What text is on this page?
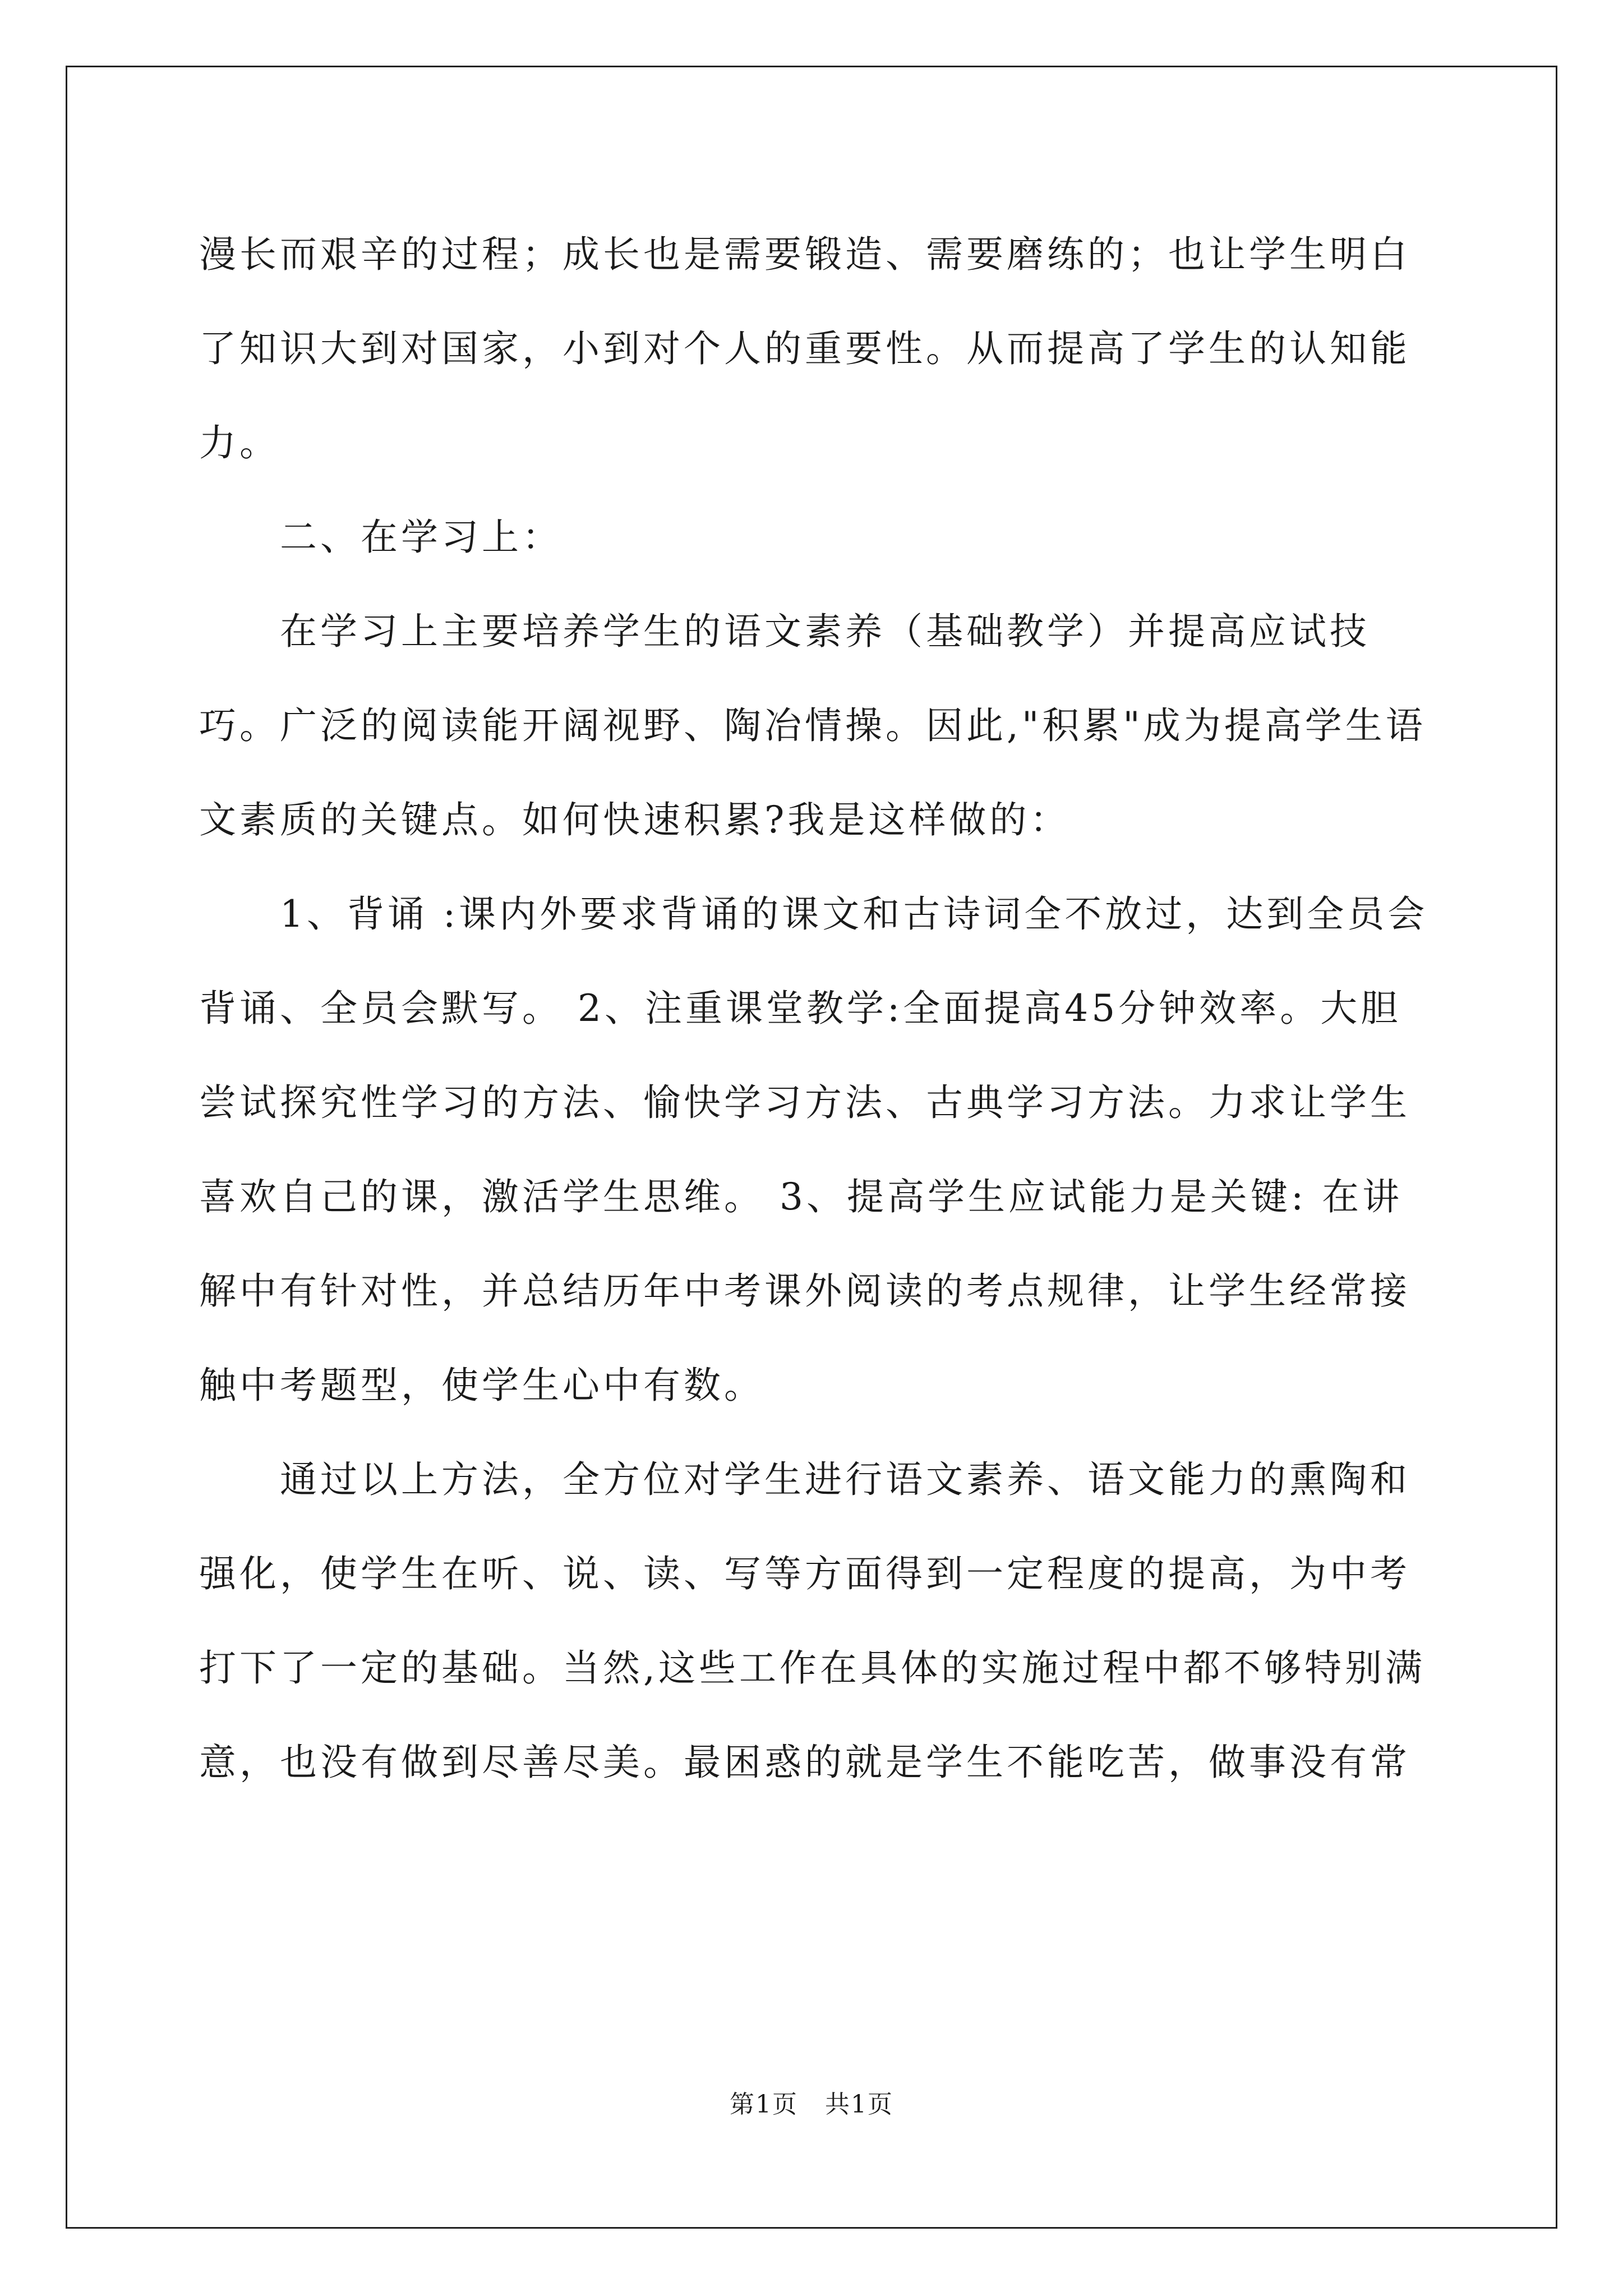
漫长而艰辛的过程；成长也是需要锻造、需要磨练的；也让学生明白了知识大到对国家，小到对个人的重要性。从而提高了学生的认知能力。

二、在学习上：

在学习上主要培养学生的语文素养（基础教学）并提高应试技巧。广泛的阅读能开阔视野、陶冶情操。因此,"积累"成为提高学生语文素质的关键点。如何快速积累?我是这样做的：

1、背诵 :课内外要求背诵的课文和古诗词全不放过，达到全员会背诵、全员会默写。 2、注重课堂教学:全面提高45分钟效率。大胆尝试探究性学习的方法、愉快学习方法、古典学习方法。力求让学生喜欢自己的课，激活学生思维。 3、提高学生应试能力是关键: 在讲解中有针对性，并总结历年中考课外阅读的考点规律，让学生经常接触中考题型，使学生心中有数。

通过以上方法，全方位对学生进行语文素养、语文能力的熏陶和强化，使学生在听、说、读、写等方面得到一定程度的提高，为中考打下了一定的基础。当然,这些工作在具体的实施过程中都不够特别满意，也没有做到尽善尽美。最困惑的就是学生不能吃苦，做事没有常

第1页 共1页
